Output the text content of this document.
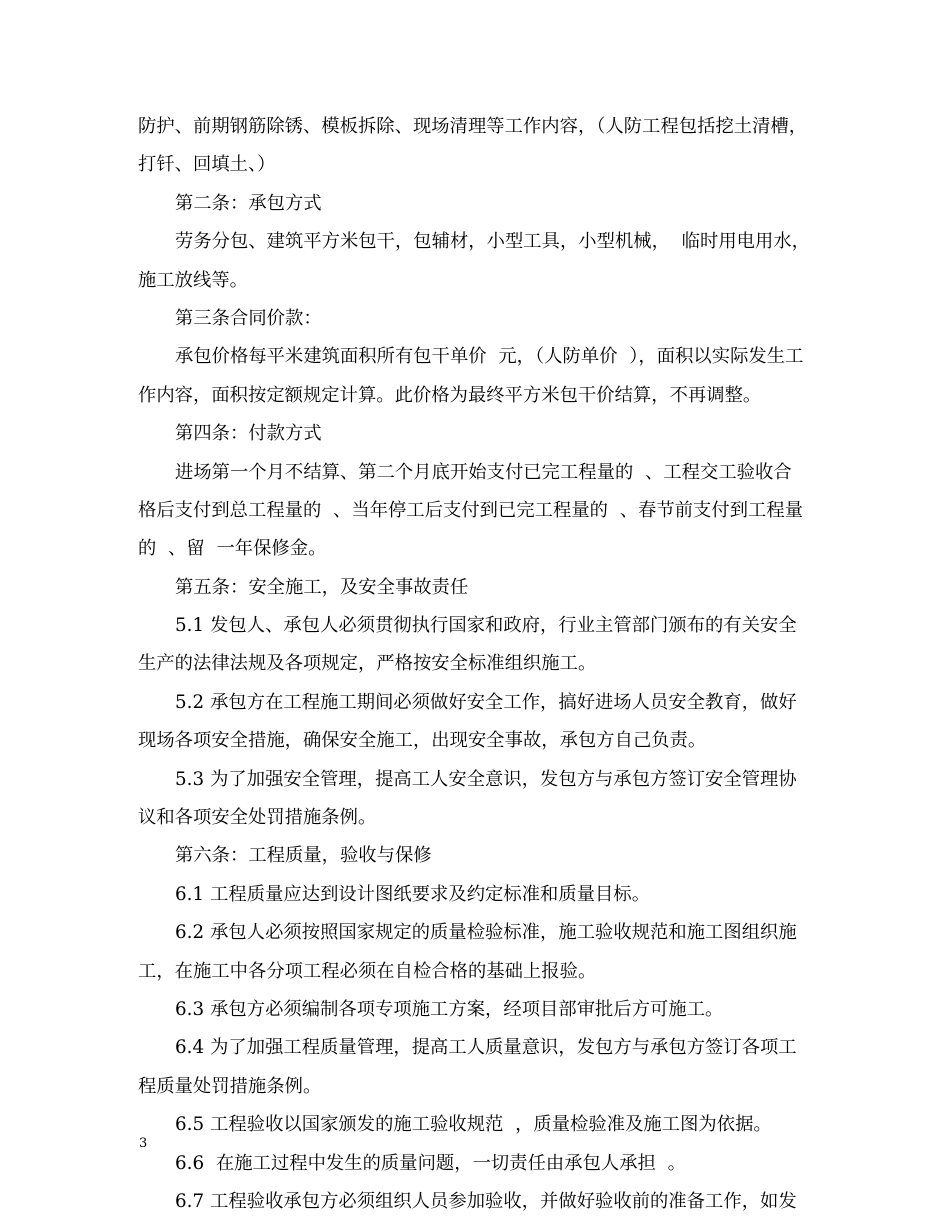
防护、前期钢筋除锈、模板拆除、现场清理等工作内容，（人防工程包括挖土清槽，
打钎、回填土、）
第二条：承包方式
劳务分包、建筑平方米包干，包辅材，小型工具，小型机械，  临时用电用水，
施工放线等。
第三条合同价款：
承包价格每平米建筑面积所有包干单价  元，（人防单价  ），面积以实际发生工
作内容，面积按定额规定计算。此价格为最终平方米包干价结算，不再调整。
第四条：付款方式
进场第一个月不结算、第二个月底开始支付已完工程量的  、工程交工验收合
格后支付到总工程量的  、当年停工后支付到已完工程量的  、春节前支付到工程量
的  、留  一年保修金。
第五条：安全施工，及安全事故责任
5.1 发包人、承包人必须贯彻执行国家和政府，行业主管部门颁布的有关安全
生产的法律法规及各项规定，严格按安全标准组织施工。
5.2 承包方在工程施工期间必须做好安全工作，搞好进场人员安全教育，做好
现场各项安全措施，确保安全施工，出现安全事故，承包方自己负责。
5.3 为了加强安全管理，提高工人安全意识，发包方与承包方签订安全管理协
议和各项安全处罚措施条例。
第六条：工程质量，验收与保修
6.1 工程质量应达到设计图纸要求及约定标准和质量目标。
6.2 承包人必须按照国家规定的质量检验标准，施工验收规范和施工图组织施
工，在施工中各分项工程必须在自检合格的基础上报验。
6.3 承包方必须编制各项专项施工方案，经项目部审批后方可施工。
6.4 为了加强工程质量管理，提高工人质量意识，发包方与承包方签订各项工
程质量处罚措施条例。
6.5 工程验收以国家颁发的施工验收规范  ，质量检验准及施工图为依据。
6.6  在施工过程中发生的质量问题，一切责任由承包人承担  。
6.7 工程验收承包方必须组织人员参加验收，并做好验收前的准备工作，如发
3
